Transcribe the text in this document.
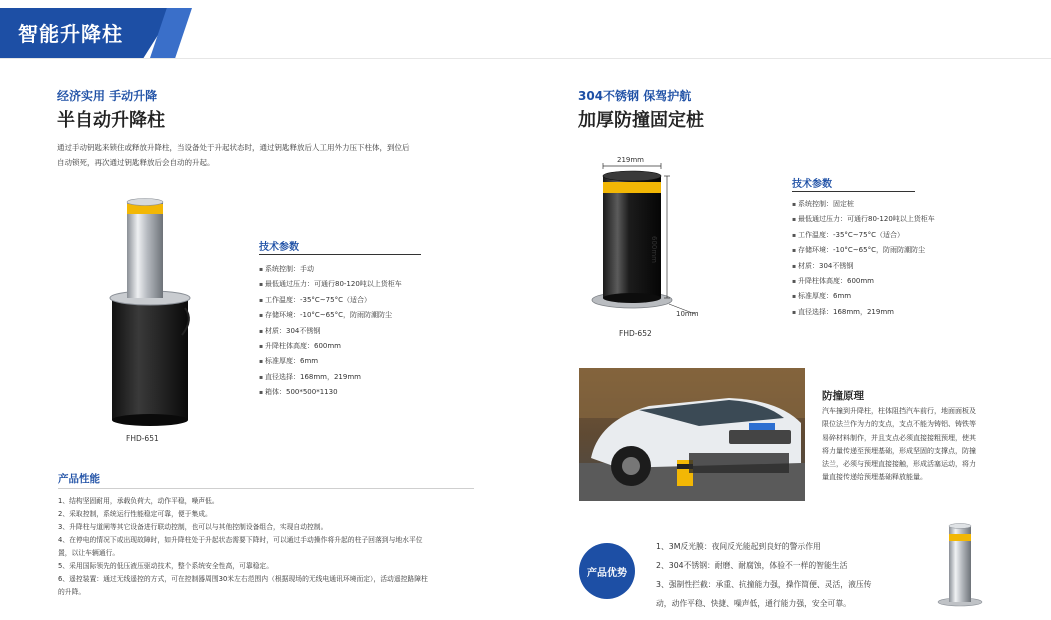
智能升降柱
经济实用 手动升降
半自动升降柱
通过手动钥匙来锁住或释放升降柱，当设备处于升起状态时，通过钥匙释放后人工用外力压下柱体，到位后
自动锁死，再次通过钥匙释放后会自动的升起。
FHD-651
技术参数
▪ 系统控制：手动
▪ 最低通过压力：可通行80-120吨以上货柜车
▪ 工作温度：-35°C~75°C（适合）
▪ 存储环境：-10°C~65°C，防雨防潮防尘
▪ 材质：304不锈钢
▪ 升降柱体高度：600mm
▪ 标准厚度：6mm
▪ 直径选择：168mm，219mm
▪ 箱体：500*500*1130
产品性能
1、结构坚固耐用，承载负荷大，动作平稳，噪声低。
2、采取控制，系统运行性能稳定可靠，便于集成。
3、升降柱与道闸等其它设备进行联动控制，也可以与其他控制设备组合，实现自动控制。
4、在停电的情况下或出现故障时，如升降柱处于升起状态需要下降时，可以通过手动操作将升起的柱子回落到与地水平位
置，以让车辆通行。
5、采用国际领先的低压液压驱动技术，整个系统安全性高，可靠稳定。
6、遥控装置：通过无线遥控的方式，可在控制器周围30米左右范围内（根据现场的无线电通讯环境而定），活动遥控路障柱
的升降。
304不锈钢 保驾护航
加厚防撞固定桩
219mm
600mm
10mm
FHD-652
技术参数
▪ 系统控制：固定桩
▪ 最低通过压力：可通行80-120吨以上货柜车
▪ 工作温度：-35°C~75°C（适合）
▪ 存储环境：-10°C~65°C，防雨防潮防尘
▪ 材质：304不锈钢
▪ 升降柱体高度：600mm
▪ 标准厚度：6mm
▪ 直径选择：168mm，219mm
防撞原理
汽车撞到升降柱，柱体阻挡汽车前行，地面面板及
限位法兰作为力的支点，支点不能为铸铝、铸铁等
易碎材料制作，并且支点必须直接接粗预埋，使其
将力量传递至预埋基础，形成坚固的支撑点，防撞
法兰，必须与预埋直接接触，形成活塞运动，将力
量直接传递给预埋基础释放能量。
产品优势
1、3M反光膜：夜间反光能起到良好的警示作用
2、304不锈钢：耐磨、耐腐蚀，体验不一样的智能生活
3、强制性拦截：承重、抗撞能力强，操作简便、灵活，液压传
动，动作平稳、快捷、噪声低，通行能力强，安全可靠。
